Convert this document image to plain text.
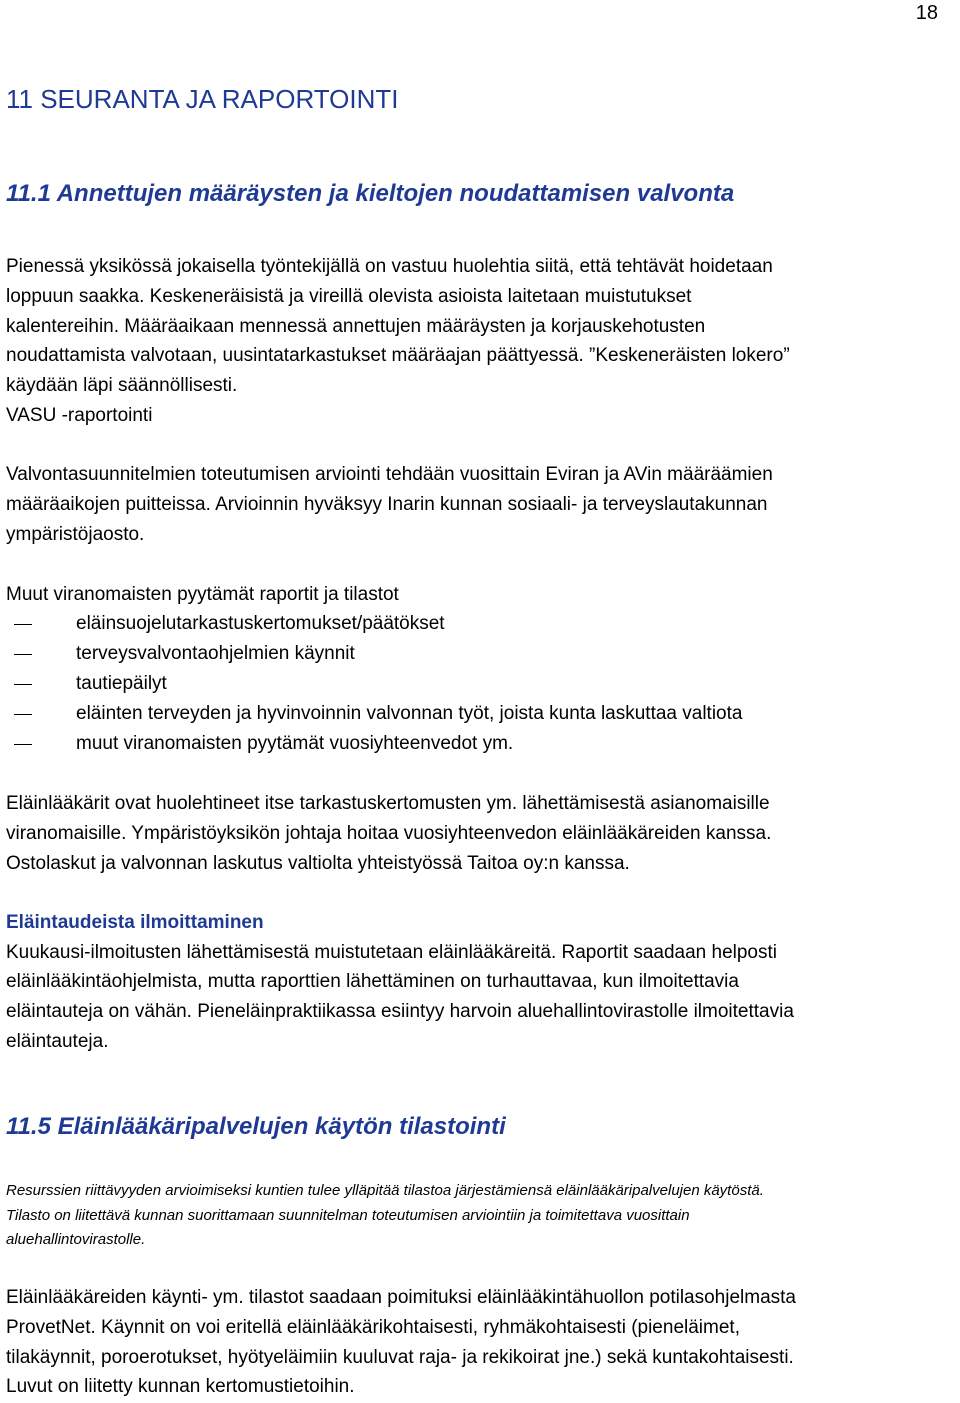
18
11 SEURANTA JA RAPORTOINTI
11.1 Annettujen määräysten ja kieltojen noudattamisen valvonta
Pienessä yksikössä jokaisella työntekijällä on vastuu huolehtia siitä, että tehtävät hoidetaan
loppuun saakka. Keskeneräisistä ja vireillä olevista asioista laitetaan muistutukset
kalentereihin. Määräaikaan mennessä annettujen määräysten ja korjauskehotusten
noudattamista valvotaan, uusintatarkastukset määräajan päättyessä. ”Keskeneräisten lokero”
käydään läpi säännöllisesti.
VASU -raportointi
Valvontasuunnitelmien toteutumisen arviointi tehdään vuosittain Eviran ja AVin määräämien
määräaikojen puitteissa. Arvioinnin hyväksyy Inarin kunnan sosiaali- ja terveyslautakunnan
ympäristöjaosto.
Muut viranomaisten pyytämät raportit ja tilastot
eläinsuojelutarkastuskertomukset/päätökset
terveysvalvontaohjelmien käynnit
tautiepäilyt
eläinten terveyden ja hyvinvoinnin valvonnan työt, joista kunta laskuttaa valtiota
muut viranomaisten pyytämät vuosiyhteenvedot ym.
Eläinlääkärit ovat huolehtineet itse tarkastuskertomusten ym. lähettämisestä asianomaisille
viranomaisille. Ympäristöyksikön johtaja hoitaa vuosiyhteenvedon eläinlääkäreiden kanssa.
Ostolaskut ja valvonnan laskutus valtiolta yhteistyössä Taitoa oy:n kanssa.
Eläintaudeista ilmoittaminen
Kuukausi-ilmoitusten lähettämisestä muistutetaan eläinlääkäreitä. Raportit saadaan helposti
eläinlääkintäohjelmista, mutta raporttien lähettäminen on turhauttavaa, kun ilmoitettavia
eläintauteja on vähän. Pieneläinpraktiikassa esiintyy harvoin aluehallintovirastolle ilmoitettavia
eläintauteja.
11.5 Eläinlääkäripalvelujen käytön tilastointi
Resurssien riittävyyden arvioimiseksi kuntien tulee ylläpitää tilastoa järjestämiensä eläinlääkäripalvelujen käytöstä.
Tilasto on liitettävä kunnan suorittamaan suunnitelman toteutumisen arviointiin ja toimitettava vuosittain
aluehallintovirastolle.
Eläinlääkäreiden käynti- ym. tilastot saadaan poimituksi eläinlääkintähuollon potilasohjelmasta
ProvetNet. Käynnit on voi eritellä eläinlääkärikohtaisesti, ryhmäkohtaisesti (pieneläimet,
tilakäynnit, poroerotukset, hyötyeläimiin kuuluvat raja- ja rekikoirat jne.) sekä kuntakohtaisesti.
Luvut on liitetty kunnan kertomustietoihin.
